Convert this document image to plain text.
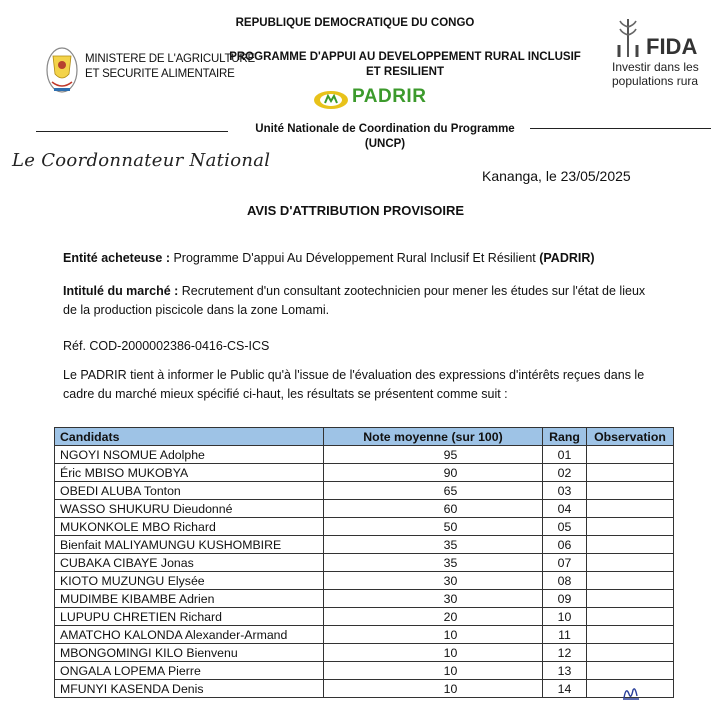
MINISTERE DE L'AGRICULTURE
ET SECURITE ALIMENTAIRE
REPUBLIQUE DEMOCRATIQUE DU CONGO
PROGRAMME D'APPUI AU DEVELOPPEMENT RURAL INCLUSIF
ET RESILIENT
PADRIR
Unité Nationale de Coordination du Programme
(UNCP)
FIDA
Investir dans les
populations rura
Le Coordonnateur National
Kananga, le 23/05/2025
AVIS D'ATTRIBUTION PROVISOIRE
Entité acheteuse : Programme D'appui Au Développement Rural Inclusif Et Résilient (PADRIR)
Intitulé du marché : Recrutement d'un consultant zootechnicien pour mener les études sur l'état de lieux de la production piscicole dans la zone Lomami.
Réf. COD-2000002386-0416-CS-ICS
Le PADRIR tient à informer le Public qu'à l'issue de l'évaluation des expressions d'intérêts reçues dans le cadre du marché mieux spécifié ci-haut, les résultats se présentent comme suit :
Candidats	Note moyenne (sur 100)	Rang	Observation
NGOYI NSOMUE Adolphe	95	01	
Éric MBISO MUKOBYA	90	02	
OBEDI ALUBA Tonton	65	03	
WASSO SHUKURU Dieudonné	60	04	
MUKONKOLE MBO Richard	50	05	
Bienfait MALIYAMUNGU KUSHOMBIRE	35	06	
CUBAKA CIBAYE Jonas	35	07	
KIOTO MUZUNGU Elysée	30	08	
MUDIMBE KIBAMBE Adrien	30	09	
LUPUPU CHRETIEN Richard	20	10	
AMATCHO KALONDA Alexander-Armand	10	11	
MBONGOMINGI KILO Bienvenu	10	12	
ONGALA LOPEMA Pierre	10	13	
MFUNYI KASENDA Denis	10	14	
